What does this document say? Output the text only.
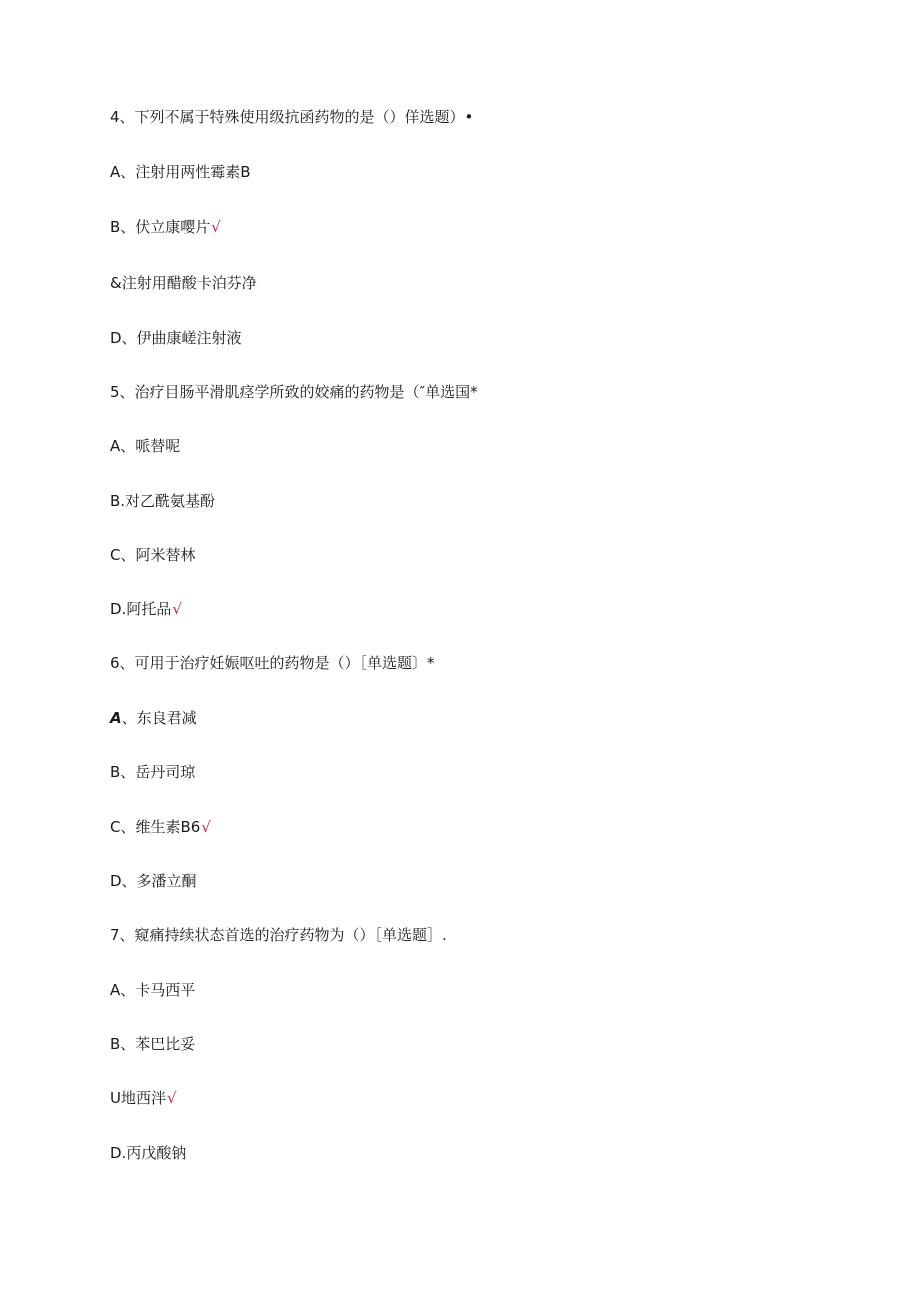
4、下列不属于特殊使用级抗函药物的是（）佯选题）•
A、注射用两性霉素B
B、伏立康嘤片√
&注射用醋酸卡泊芬净
D、伊曲康嵯注射液
5、治疗目肠平滑肌痉学所致的姣痛的药物是（″单选国*
A、哌替呢
B.对乙酰氨基酚
C、阿米替林
D.阿托品√
6、可用于治疗妊娠呕吐的药物是（）［单选题〕*
A、东良君减
B、岳丹司琼
C、维生素B6√
D、多潘立酮
7、窥痛持续状态首选的治疗药物为（）［单选题］.
A、卡马西平
B、苯巴比妥
U地西泮√
D.丙戊酸钠
